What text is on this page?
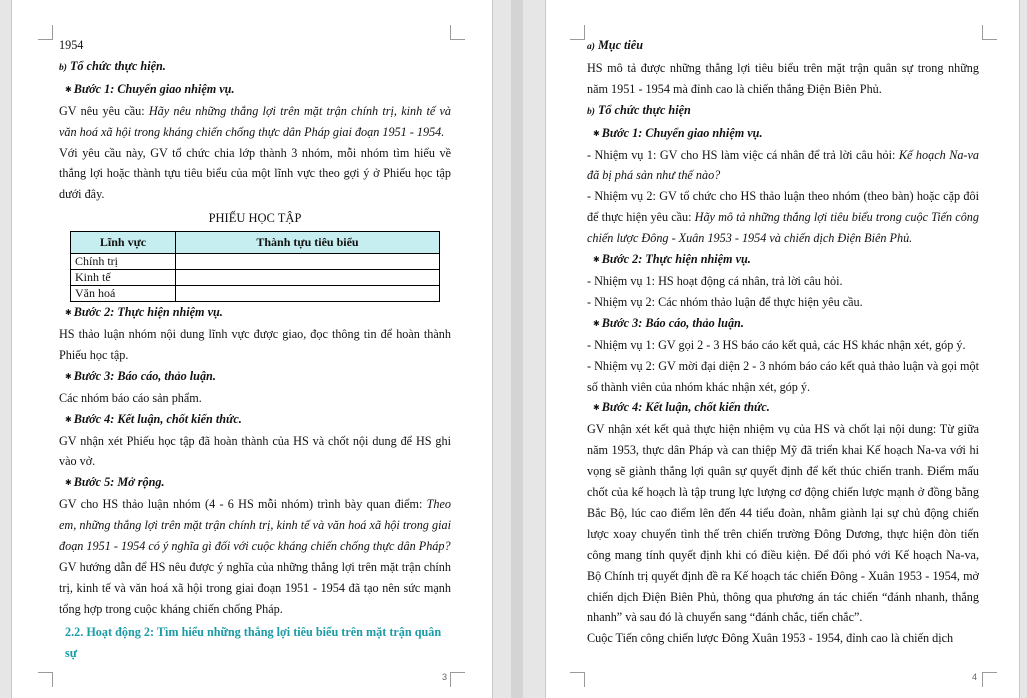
1954

b) Tổ chức thực hiện.

✱ Bước 1: Chuyển giao nhiệm vụ.

GV nêu yêu cầu: Hãy nêu những thắng lợi trên mặt trận chính trị, kinh tế và văn hoá xã hội trong kháng chiến chống thực dân Pháp giai đoạn 1951 - 1954.

Với yêu cầu này, GV tổ chức chia lớp thành 3 nhóm, mỗi nhóm tìm hiểu về thắng lợi hoặc thành tựu tiêu biểu của một lĩnh vực theo gợi ý ở Phiếu học tập dưới đây.

PHIẾU HỌC TẬP

Lĩnh vực	Thành tựu tiêu biểu
Chính trị	
Kinh tế	
Văn hoá	

✱ Bước 2: Thực hiện nhiệm vụ.

HS thảo luận nhóm nội dung lĩnh vực được giao, đọc thông tin để hoàn thành Phiếu học tập.

✱ Bước 3: Báo cáo, thảo luận.

Các nhóm báo cáo sản phẩm.

✱ Bước 4: Kết luận, chốt kiến thức.

GV nhận xét Phiếu học tập đã hoàn thành của HS và chốt nội dung để HS ghi vào vở.

✱ Bước 5: Mở rộng.

GV cho HS thảo luận nhóm (4 - 6 HS mỗi nhóm) trình bày quan điểm: Theo em, những thắng lợi trên mặt trận chính trị, kinh tế và văn hoá xã hội trong giai đoạn 1951 - 1954 có ý nghĩa gì đối với cuộc kháng chiến chống thực dân Pháp?

GV hướng dẫn để HS nêu được ý nghĩa của những thắng lợi trên mặt trận chính trị, kinh tế và văn hoá xã hội trong giai đoạn 1951 - 1954 đã tạo nên sức mạnh tổng hợp trong cuộc kháng chiến chống Pháp.

2.2. Hoạt động 2: Tìm hiểu những thắng lợi tiêu biểu trên mặt trận quân sự

3

a) Mục tiêu

HS mô tả được những thắng lợi tiêu biểu trên mặt trận quân sự trong những năm 1951 - 1954 mà đỉnh cao là chiến thắng Điện Biên Phủ.

b) Tổ chức thực hiện

✱ Bước 1: Chuyển giao nhiệm vụ.

- Nhiệm vụ 1: GV cho HS làm việc cá nhân để trả lời câu hỏi: Kế hoạch Na-va đã bị phá sản như thế nào?

- Nhiệm vụ 2: GV tổ chức cho HS thảo luận theo nhóm (theo bàn) hoặc cặp đôi để thực hiện yêu cầu: Hãy mô tả những thắng lợi tiêu biểu trong cuộc Tiến công chiến lược Đông - Xuân 1953 - 1954 và chiến dịch Điện Biên Phủ.

✱ Bước 2: Thực hiện nhiệm vụ.

- Nhiệm vụ 1: HS hoạt động cá nhân, trả lời câu hỏi.

- Nhiệm vụ 2: Các nhóm thảo luận để thực hiện yêu cầu.

✱ Bước 3: Báo cáo, thảo luận.

- Nhiệm vụ 1: GV gọi 2 - 3 HS báo cáo kết quả, các HS khác nhận xét, góp ý.

- Nhiệm vụ 2: GV mời đại diện 2 - 3 nhóm báo cáo kết quả thảo luận và gọi một số thành viên của nhóm khác nhận xét, góp ý.

✱ Bước 4: Kết luận, chốt kiến thức.

GV nhận xét kết quả thực hiện nhiệm vụ của HS và chốt lại nội dung: Từ giữa năm 1953, thực dân Pháp và can thiệp Mỹ đã triển khai Kế hoạch Na-va với hi vọng sẽ giành thắng lợi quân sự quyết định để kết thúc chiến tranh. Điểm mấu chốt của kế hoạch là tập trung lực lượng cơ động chiến lược mạnh ở đồng bằng Bắc Bộ, lúc cao điểm lên đến 44 tiểu đoàn, nhằm giành lại sự chủ động chiến lược xoay chuyển tình thế trên chiến trường Đông Dương, thực hiện đòn tiến công mang tính quyết định khi có điều kiện. Để đối phó với Kế hoạch Na-va, Bộ Chính trị quyết định đề ra Kế hoạch tác chiến Đông - Xuân 1953 - 1954, mở chiến dịch Điện Biên Phủ, thông qua phương án tác chiến “đánh nhanh, thắng nhanh” và sau đó là chuyển sang “đánh chắc, tiến chắc”.

Cuộc Tiến công chiến lược Đông Xuân 1953 - 1954, đỉnh cao là chiến dịch

4
